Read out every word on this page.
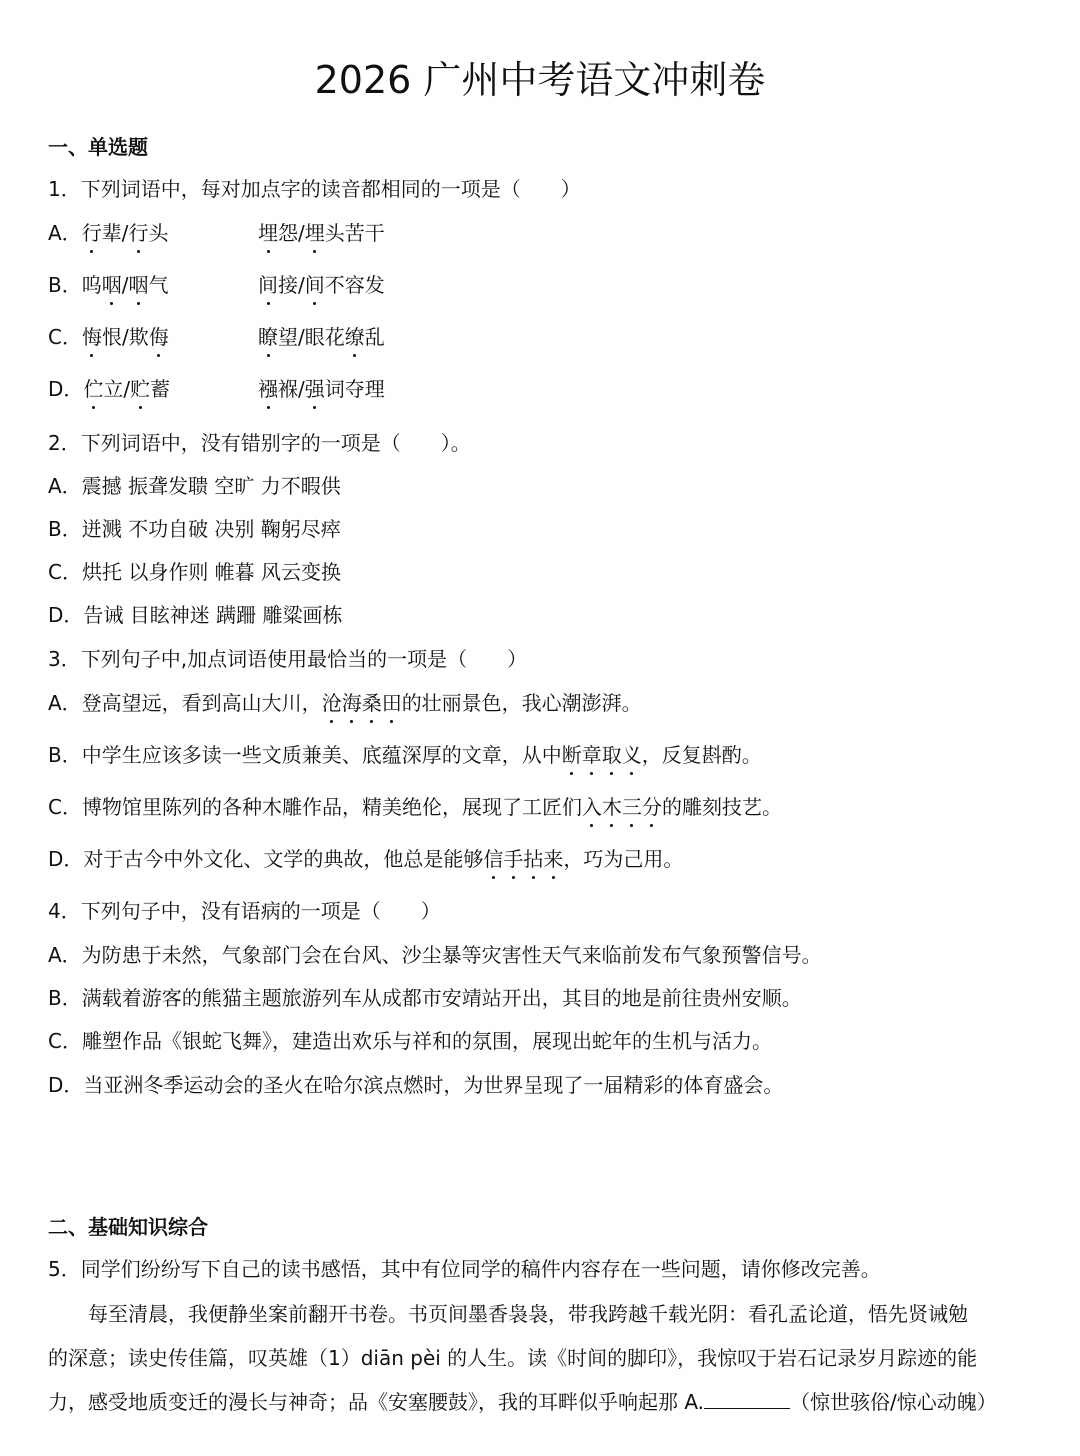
2026 广州中考语文冲刺卷
一、单选题
1．下列词语中，每对加点字的读音都相同的一项是（　　）
A．行辈/行头	埋怨/埋头苦干
B．呜咽/咽气	间接/间不容发
C．悔恨/欺侮	瞭望/眼花缭乱
D．伫立/贮蓄	襁褓/强词夺理
2．下列词语中，没有错别字的一项是（　　）。
A．震撼 振聋发聩 空旷 力不暇供
B．迸溅 不功自破 决别 鞠躬尽瘁
C．烘托 以身作则 帷暮 风云变换
D．告诫 目眩神迷 蹒跚 雕粱画栋
3．下列句子中,加点词语使用最恰当的一项是（　　）
A．登高望远，看到高山大川，沧海桑田的壮丽景色，我心潮澎湃。
B．中学生应该多读一些文质兼美、底蕴深厚的文章，从中断章取义，反复斟酌。
C．博物馆里陈列的各种木雕作品，精美绝伦，展现了工匠们入木三分的雕刻技艺。
D．对于古今中外文化、文学的典故，他总是能够信手拈来，巧为己用。
4．下列句子中，没有语病的一项是（　　）
A．为防患于未然，气象部门会在台风、沙尘暴等灾害性天气来临前发布气象预警信号。
B．满载着游客的熊猫主题旅游列车从成都市安靖站开出，其目的地是前往贵州安顺。
C．雕塑作品《银蛇飞舞》，建造出欢乐与祥和的氛围，展现出蛇年的生机与活力。
D．当亚洲冬季运动会的圣火在哈尔滨点燃时，为世界呈现了一届精彩的体育盛会。
二、基础知识综合
5．同学们纷纷写下自己的读书感悟，其中有位同学的稿件内容存在一些问题，请你修改完善。
每至清晨，我便静坐案前翻开书卷。书页间墨香袅袅，带我跨越千载光阴：看孔孟论道，悟先贤诫勉
的深意；读史传佳篇，叹英雄（1）diān pèi 的人生。读《时间的脚印》，我惊叹于岩石记录岁月踪迹的能
力，感受地质变迁的漫长与神奇；品《安塞腰鼓》，我的耳畔似乎响起那 A.	（惊世骇俗/惊心动魄）
